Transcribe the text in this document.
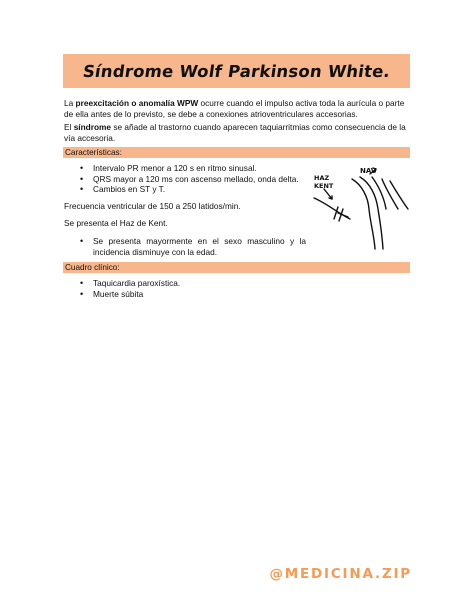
Síndrome Wolf Parkinson White.

La preexcitación o anomalía WPW ocurre cuando el impulso activa toda la aurícula o parte de ella antes de lo previsto, se debe a conexiones atrioventriculares accesorias.

El síndrome se añade al trastorno cuando aparecen taquiarritmias como consecuencia de la vía accesoria.

Características:
• Intervalo PR menor a 120 s en ritmo sinusal.
• QRS mayor a 120 ms con ascenso mellado, onda delta.
• Cambios en ST y T.

Frecuencia ventricular de 150 a 250 latidos/min.

Se presenta el Haz de Kent.

• Se presenta mayormente en el sexo masculino y la incidencia disminuye con la edad.
NAV
HAZ
KENT
Cuadro clínico:
• Taquicardia paroxística.
• Muerte súbita
@MEDICINA.ZIP
